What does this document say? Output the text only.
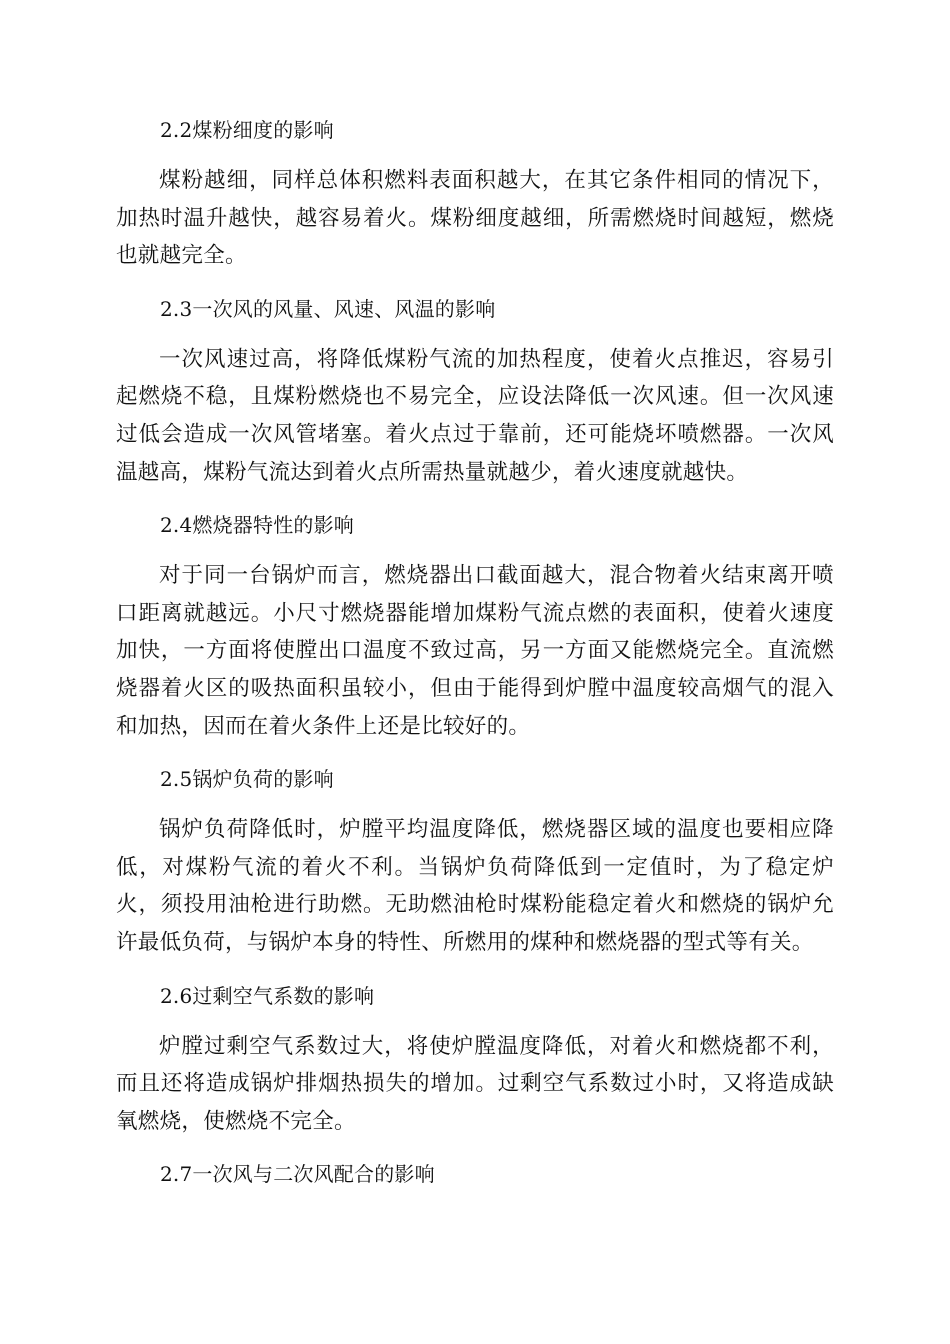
2.2煤粉细度的影响

煤粉越细，同样总体积燃料表面积越大，在其它条件相同的情况下，加热时温升越快，越容易着火。煤粉细度越细，所需燃烧时间越短，燃烧也就越完全。

2.3一次风的风量、风速、风温的影响

一次风速过高，将降低煤粉气流的加热程度，使着火点推迟，容易引起燃烧不稳，且煤粉燃烧也不易完全，应设法降低一次风速。但一次风速过低会造成一次风管堵塞。着火点过于靠前，还可能烧坏喷燃器。一次风温越高，煤粉气流达到着火点所需热量就越少，着火速度就越快。

2.4燃烧器特性的影响

对于同一台锅炉而言，燃烧器出口截面越大，混合物着火结束离开喷口距离就越远。小尺寸燃烧器能增加煤粉气流点燃的表面积，使着火速度加快，一方面将使膛出口温度不致过高，另一方面又能燃烧完全。直流燃烧器着火区的吸热面积虽较小，但由于能得到炉膛中温度较高烟气的混入和加热，因而在着火条件上还是比较好的。

2.5锅炉负荷的影响

锅炉负荷降低时，炉膛平均温度降低，燃烧器区域的温度也要相应降低，对煤粉气流的着火不利。当锅炉负荷降低到一定值时，为了稳定炉火，须投用油枪进行助燃。无助燃油枪时煤粉能稳定着火和燃烧的锅炉允许最低负荷，与锅炉本身的特性、所燃用的煤种和燃烧器的型式等有关。

2.6过剩空气系数的影响

炉膛过剩空气系数过大，将使炉膛温度降低，对着火和燃烧都不利，而且还将造成锅炉排烟热损失的增加。过剩空气系数过小时，又将造成缺氧燃烧，使燃烧不完全。

2.7一次风与二次风配合的影响
